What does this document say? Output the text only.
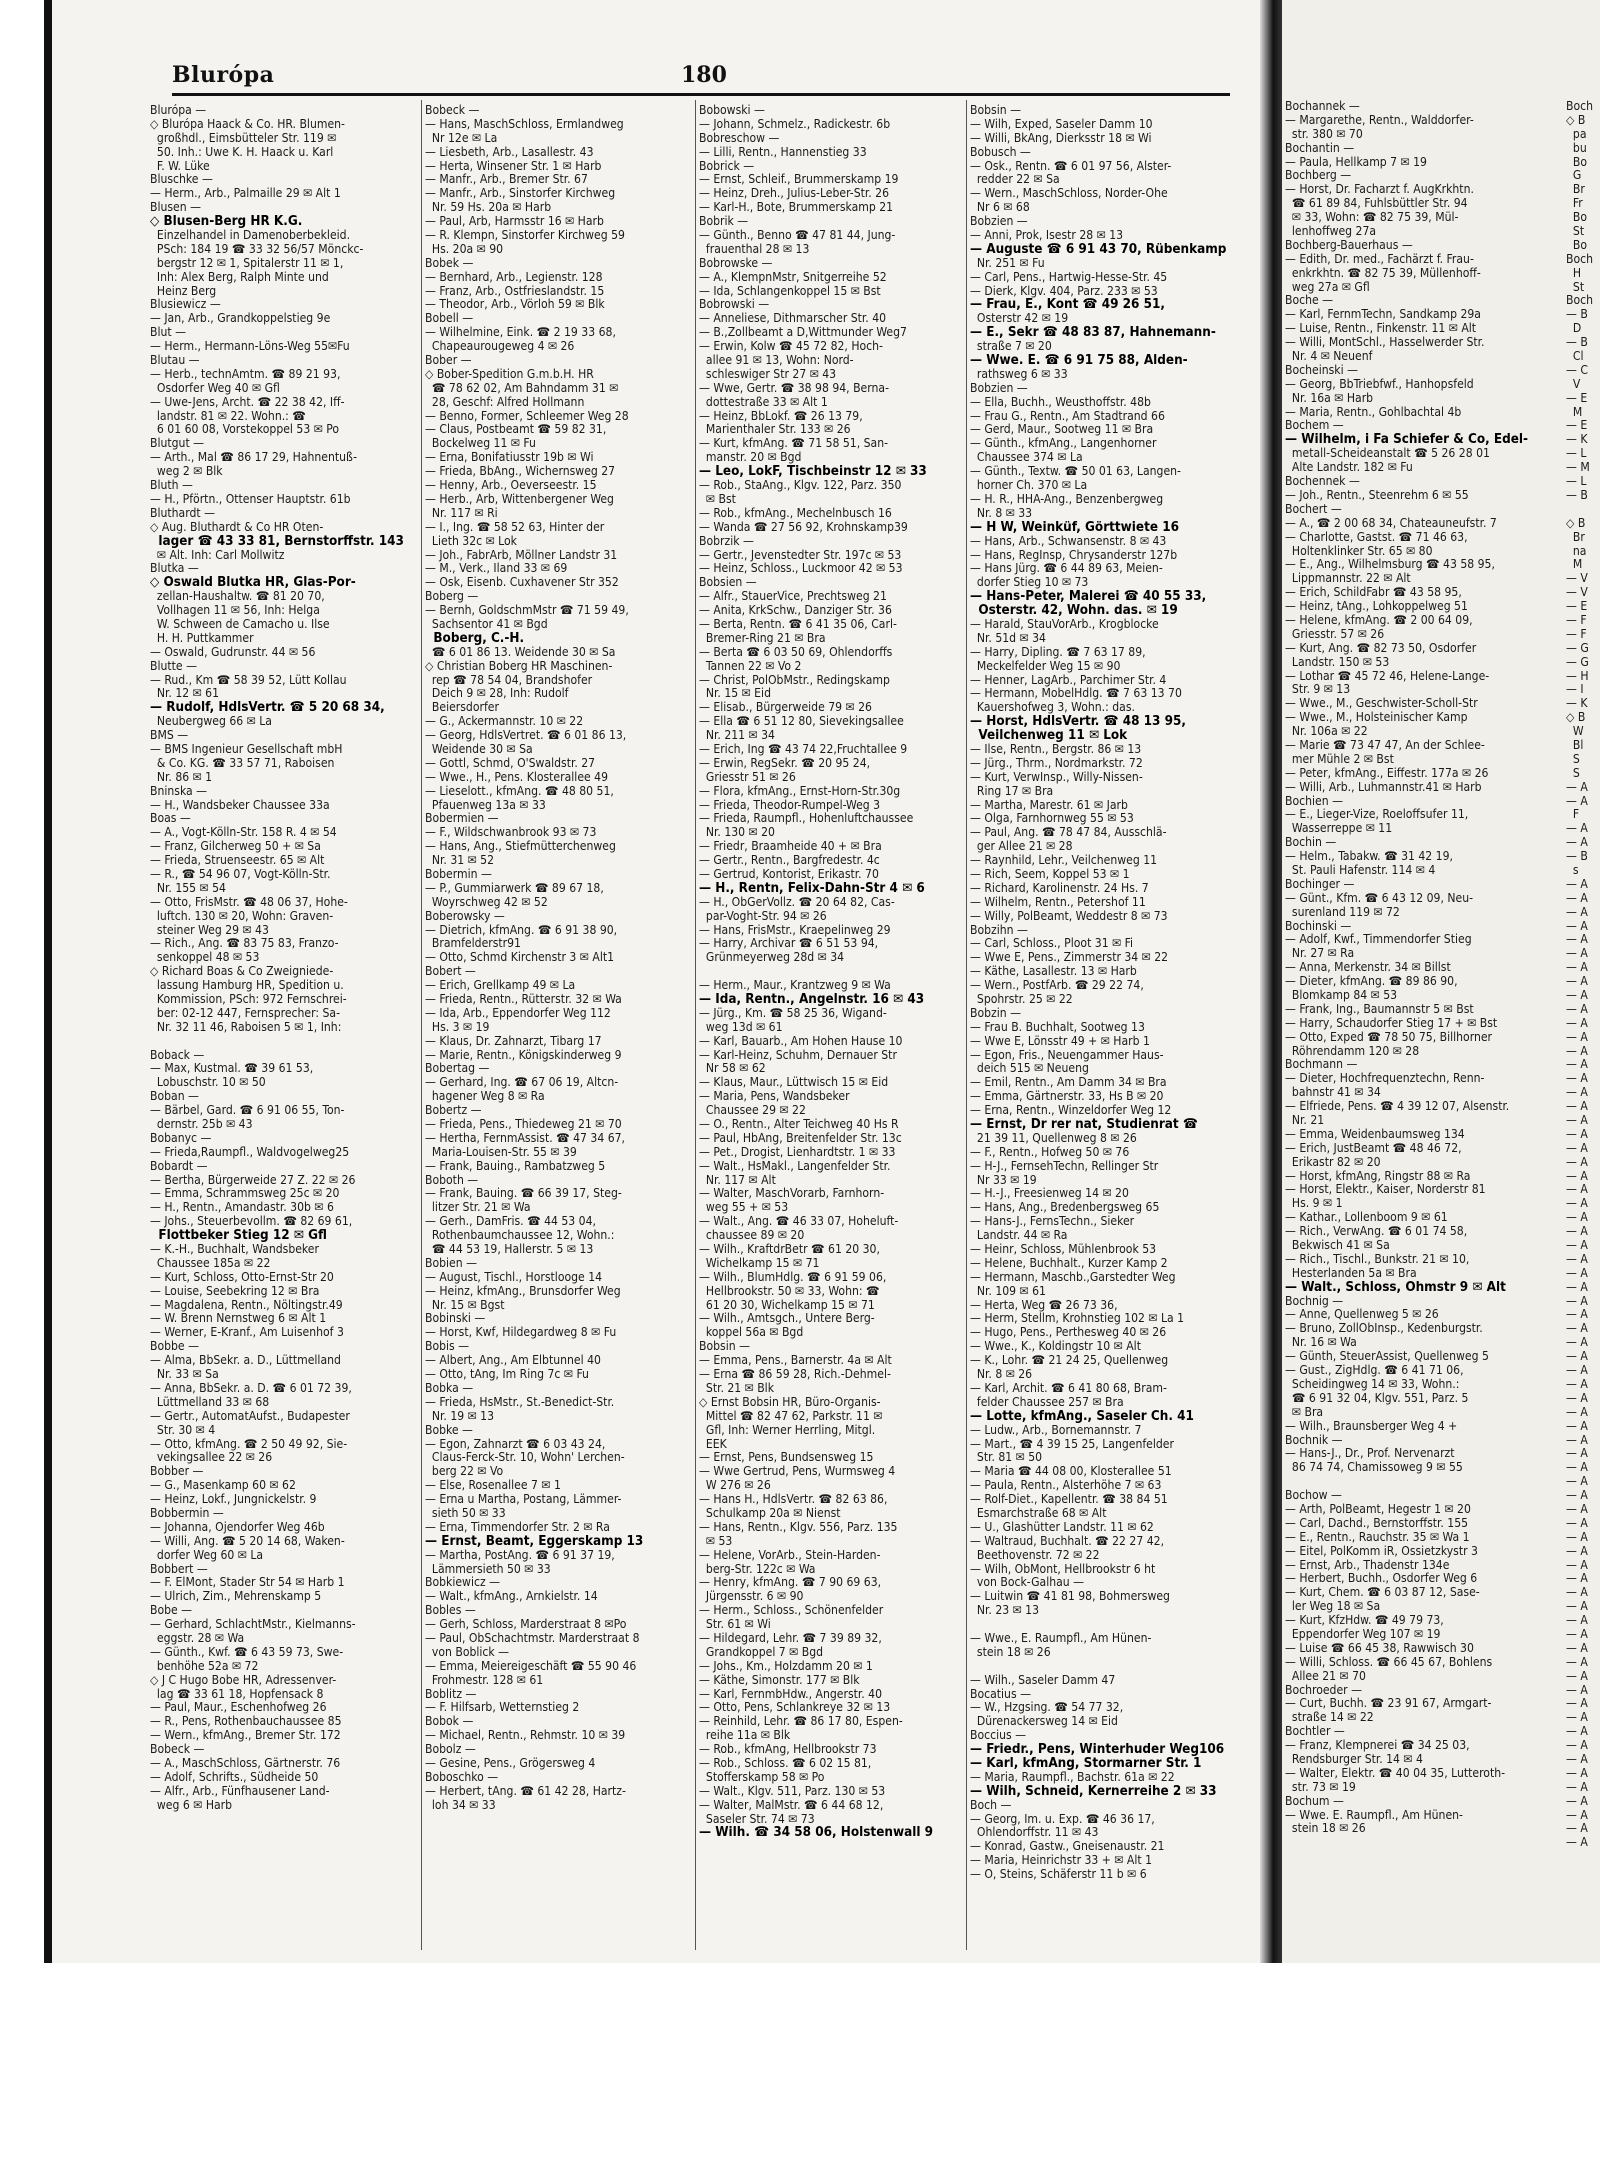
Blurópa	180
Blurópa —
◇ Blurópa Haack & Co. HR. Blumen-
großhdl., Eimsbütteler Str. 119 ✉
50. Inh.: Uwe K. H. Haack u. Karl
F. W. Lüke
Bluschke —
— Herm., Arb., Palmaille 29 ✉ Alt 1
Blusen —
◇ Blusen-Berg HR K.G.
Einzelhandel in Damenoberbekleid.
PSch: 184 19 ☎ 33 32 56/57 Mönckc-
bergstr 12 ✉ 1, Spitalerstr 11 ✉ 1,
Inh: Alex Berg, Ralph Minte und
Heinz Berg
Blusiewicz —
— Jan, Arb., Grandkoppelstieg 9e
Blut —
— Herm., Hermann-Löns-Weg 55✉Fu
Blutau —
— Herb., technAmtm. ☎ 89 21 93,
Osdorfer Weg 40 ✉ Gfl
— Uwe-Jens, Archt. ☎ 22 38 42, Iff-
landstr. 81 ✉ 22. Wohn.: ☎
6 01 60 08, Vorstekoppel 53 ✉ Po
Blutgut —
— Arth., Mal ☎ 86 17 29, Hahnentuß-
weg 2 ✉ Blk
Bluth —
— H., Pförtn., Ottenser Hauptstr. 61b
Bluthardt —
◇ Aug. Bluthardt & Co HR Oten-
lager ☎ 43 33 81, Bernstorffstr. 143
✉ Alt. Inh: Carl Mollwitz
Blutka —
◇ Oswald Blutka HR, Glas-Por-
zellan-Haushaltw. ☎ 81 20 70,
Vollhagen 11 ✉ 56, Inh: Helga
W. Schween de Camacho u. Ilse
H. H. Puttkammer
— Oswald, Gudrunstr. 44 ✉ 56
Blutte —
— Rud., Km ☎ 58 39 52, Lütt Kollau
Nr. 12 ✉ 61
— Rudolf, HdlsVertr. ☎ 5 20 68 34,
Neubergweg 66 ✉ La
BMS —
— BMS Ingenieur Gesellschaft mbH
& Co. KG. ☎ 33 57 71, Raboisen
Nr. 86 ✉ 1
Bninska —
— H., Wandsbeker Chaussee 33a
Boas —
— A., Vogt-Kölln-Str. 158 R. 4 ✉ 54
— Franz, Gilcherweg 50 + ✉ Sa
— Frieda, Struenseestr. 65 ✉ Alt
— R., ☎ 54 96 07, Vogt-Kölln-Str.
Nr. 155 ✉ 54
— Otto, FrisMstr. ☎ 48 06 37, Hohe-
luftch. 130 ✉ 20, Wohn: Graven-
steiner Weg 29 ✉ 43
— Rich., Ang. ☎ 83 75 83, Franzo-
senkoppel 48 ✉ 53
◇ Richard Boas & Co Zweigniede-
lassung Hamburg HR, Spedition u.
Kommission, PSch: 972 Fernschrei-
ber: 02-12 447, Fernsprecher: Sa-
Nr. 32 11 46, Raboisen 5 ✉ 1, Inh:
Boback —
— Max, Kustmal. ☎ 39 61 53,
Lobuschstr. 10 ✉ 50
Boban —
— Bärbel, Gard. ☎ 6 91 06 55, Ton-
dernstr. 25b ✉ 43
Bobanyc —
— Frieda,Raumpfl., Waldvogelweg25
Bobardt —
— Bertha, Bürgerweide 27 Z. 22 ✉ 26
— Emma, Schrammsweg 25c ✉ 20
— H., Rentn., Amandastr. 30b ✉ 6
— Johs., Steuerbevollm. ☎ 82 69 61,
Flottbeker Stieg 12 ✉ Gfl
— K.-H., Buchhalt, Wandsbeker
Chaussee 185a ✉ 22
— Kurt, Schloss, Otto-Ernst-Str 20
— Louise, Seebekring 12 ✉ Bra
— Magdalena, Rentn., Nöltingstr.49
— W. Brenn Nernstweg 6 ✉ Alt 1
— Werner, E-Kranf., Am Luisenhof 3
Bobbe —
— Alma, BbSekr. a. D., Lüttmelland
Nr. 33 ✉ Sa
— Anna, BbSekr. a. D. ☎ 6 01 72 39,
Lüttmelland 33 ✉ 68
— Gertr., AutomatAufst., Budapester
Str. 30 ✉ 4
— Otto, kfmAng. ☎ 2 50 49 92, Sie-
vekingsallee 22 ✉ 26
Bobber —
— G., Masenkamp 60 ✉ 62
— Heinz, Lokf., Jungnickelstr. 9
Bobbermin —
— Johanna, Öjendorfer Weg 46b
— Willi, Ang. ☎ 5 20 14 68, Waken-
dorfer Weg 60 ✉ La
Bobbert —
— F. ElMont, Stader Str 54 ✉ Harb 1
— Ulrich, Zim., Mehrenskamp 5
Bobe —
— Gerhard, SchlachtMstr., Kielmanns-
eggstr. 28 ✉ Wa
— Günth., Kwf. ☎ 6 43 59 73, Swe-
benhöhe 52a ✉ 72
◇ J C Hugo Bobe HR, Adressenver-
lag ☎ 33 61 18, Hopfensack 8
— Paul, Maur., Eschenhofweg 26
— R., Pens, Rothenbauchaussee 85
— Wern., kfmAng., Bremer Str. 172
Bobeck —
— A., MaschSchloss, Gärtnerstr. 76
— Adolf, Schrifts., Südheide 50
— Alfr., Arb., Fünfhausener Land-
weg 6 ✉ Harb
Bobeck —
— Hans, MaschSchloss, Ermlandweg
Nr 12e ✉ La
— Liesbeth, Arb., Lasallestr. 43
— Herta, Winsener Str. 1 ✉ Harb
— Manfr., Arb., Bremer Str. 67
— Manfr., Arb., Sinstorfer Kirchweg
Nr. 59 Hs. 20a ✉ Harb
— Paul, Arb, Harmsstr 16 ✉ Harb
— R. Klempn, Sinstorfer Kirchweg 59
Hs. 20a ✉ 90
Bobek —
— Bernhard, Arb., Legienstr. 128
— Franz, Arb., Ostfrieslandstr. 15
— Theodor, Arb., Vörloh 59 ✉ Blk
Bobell —
— Wilhelmine, Eink. ☎ 2 19 33 68,
Chapeaurougeweg 4 ✉ 26
Bober —
◇ Bober-Spedition G.m.b.H. HR
☎ 78 62 02, Am Bahndamm 31 ✉
28, Geschf: Alfred Hollmann
— Benno, Former, Schleemer Weg 28
— Claus, Postbeamt ☎ 59 82 31,
Bockelweg 11 ✉ Fu
— Erna, Bonifatiusstr 19b ✉ Wi
— Frieda, BbAng., Wichernsweg 27
— Henny, Arb., Oeverseestr. 15
— Herb., Arb, Wittenbergener Weg
Nr. 117 ✉ Ri
— I., Ing. ☎ 58 52 63, Hinter der
Lieth 32c ✉ Lok
— Joh., FabrArb, Möllner Landstr 31
— M., Verk., Iland 33 ✉ 69
— Osk, Eisenb. Cuxhavener Str 352
Boberg —
— Bernh, GoldschmMstr ☎ 71 59 49,
Sachsentor 41 ✉ Bgd
Boberg, C.-H.
☎ 6 01 86 13. Weidende 30 ✉ Sa
◇ Christian Boberg HR Maschinen-
rep ☎ 78 54 04, Brandshofer
Deich 9 ✉ 28, Inh: Rudolf
Beiersdorfer
— G., Ackermannstr. 10 ✉ 22
— Georg, HdlsVertret. ☎ 6 01 86 13,
Weidende 30 ✉ Sa
— Gottl, Schmd, O'Swaldstr. 27
— Wwe., H., Pens. Klosterallee 49
— Lieselott., kfmAng. ☎ 48 80 51,
Pfauenweg 13a ✉ 33
Bobermien —
— F., Wildschwanbrook 93 ✉ 73
— Hans, Ang., Stiefmütterchenweg
Nr. 31 ✉ 52
Bobermin —
— P., Gummiarwerk ☎ 89 67 18,
Woyrschweg 42 ✉ 52
Boberowsky —
— Dietrich, kfmAng. ☎ 6 91 38 90,
Bramfelderstr91
— Otto, Schmd Kirchenstr 3 ✉ Alt1
Bobert —
— Erich, Grellkamp 49 ✉ La
— Frieda, Rentn., Rütterstr. 32 ✉ Wa
— Ida, Arb., Eppendorfer Weg 112
Hs. 3 ✉ 19
— Klaus, Dr. Zahnarzt, Tibarg 17
— Marie, Rentn., Königskinderweg 9
Bobertag —
— Gerhard, Ing. ☎ 67 06 19, Altcn-
hagener Weg 8 ✉ Ra
Bobertz —
— Frieda, Pens., Thiedeweg 21 ✉ 70
— Hertha, FernmAssist. ☎ 47 34 67,
Maria-Louisen-Str. 55 ✉ 39
— Frank, Bauing., Rambatzweg 5
Boboth —
— Frank, Bauing. ☎ 66 39 17, Steg-
litzer Str. 21 ✉ Wa
— Gerh., DamFris. ☎ 44 53 04,
Rothenbaumchaussee 12, Wohn.:
☎ 44 53 19, Hallerstr. 5 ✉ 13
Bobien —
— August, Tischl., Horstlooge 14
— Heinz, kfmAng., Brunsdorfer Weg
Nr. 15 ✉ Bgst
Bobinski —
— Horst, Kwf, Hildegardweg 8 ✉ Fu
Bobis —
— Albert, Ang., Am Elbtunnel 40
— Otto, tAng, Im Ring 7c ✉ Fu
Bobka —
— Frieda, HsMstr., St.-Benedict-Str.
Nr. 19 ✉ 13
Bobke —
— Egon, Zahnarzt ☎ 6 03 43 24,
Claus-Ferck-Str. 10, Wohn' Lerchen-
berg 22 ✉ Vo
— Else, Rosenallee 7 ✉ 1
— Erna u Martha, Postang, Lämmer-
sieth 50 ✉ 33
— Erna, Timmendorfer Str. 2 ✉ Ra
— Ernst, Beamt, Eggerskamp 13
— Martha, PostAng. ☎ 6 91 37 19,
Lämmersieth 50 ✉ 33
Bobkiewicz —
— Walt., kfmAng., Arnkielstr. 14
Bobles —
— Gerh, Schloss, Marderstraat 8 ✉Po
— Paul, ObSchachtmstr. Marderstraat 8
von Boblick —
— Emma, Meiereigeschäft ☎ 55 90 46
Frohmestr. 128 ✉ 61
Boblitz —
— F. Hilfsarb, Wetternstieg 2
Bobok —
— Michael, Rentn., Rehmstr. 10 ✉ 39
Bobolz —
— Gesine, Pens., Grögersweg 4
Boboschko —
— Herbert, tAng. ☎ 61 42 28, Hartz-
loh 34 ✉ 33
Bobowski —
— Johann, Schmelz., Radickestr. 6b
Bobreschow —
— Lilli, Rentn., Hannenstieg 33
Bobrick —
— Ernst, Schleif., Brummerskamp 19
— Heinz, Dreh., Julius-Leber-Str. 26
— Karl-H., Bote, Brummerskamp 21
Bobrik —
— Günth., Benno ☎ 47 81 44, Jung-
frauenthal 28 ✉ 13
Bobrowske —
— A., KlempnMstr, Snitgerreihe 52
— Ida, Schlangenkoppel 15 ✉ Bst
Bobrowski —
— Anneliese, Dithmarscher Str. 40
— B.,Zollbeamt a D,Wittmunder Weg7
— Erwin, Kolw ☎ 45 72 82, Hoch-
allee 91 ✉ 13, Wohn: Nord-
schleswiger Str 27 ✉ 43
— Wwe, Gertr. ☎ 38 98 94, Berna-
dottestraße 33 ✉ Alt 1
— Heinz, BbLokf. ☎ 26 13 79,
Marienthaler Str. 133 ✉ 26
— Kurt, kfmAng. ☎ 71 58 51, San-
manstr. 20 ✉ Bgd
— Leo, LokF, Tischbeinstr 12 ✉ 33
— Rob., StaAng., Klgv. 122, Parz. 350
✉ Bst
— Rob., kfmAng., Mechelnbusch 16
— Wanda ☎ 27 56 92, Krohnskamp39
Bobrzik —
— Gertr., Jevenstedter Str. 197c ✉ 53
— Heinz, Schloss., Luckmoor 42 ✉ 53
Bobsien —
— Alfr., StauerVice, Prechtsweg 21
— Anita, KrkSchw., Danziger Str. 36
— Berta, Rentn. ☎ 6 41 35 06, Carl-
Bremer-Ring 21 ✉ Bra
— Berta ☎ 6 03 50 69, Ohlendorffs
Tannen 22 ✉ Vo 2
— Christ, PolObMstr., Redingskamp
Nr. 15 ✉ Eid
— Elisab., Bürgerweide 79 ✉ 26
— Ella ☎ 6 51 12 80, Sievekingsallee
Nr. 211 ✉ 34
— Erich, Ing ☎ 43 74 22,Fruchtallee 9
— Erwin, RegSekr. ☎ 20 95 24,
Griesstr 51 ✉ 26
— Flora, kfmAng., Ernst-Horn-Str.30g
— Frieda, Theodor-Rumpel-Weg 3
— Frieda, Raumpfl., Hohenluftchaussee
Nr. 130 ✉ 20
— Friedr, Braamheide 40 + ✉ Bra
— Gertr., Rentn., Bargfredestr. 4c
— Gertrud, Kontorist, Erikastr. 70
— H., Rentn, Felix-Dahn-Str 4 ✉ 6
— H., ObGerVollz. ☎ 20 64 82, Cas-
par-Voght-Str. 94 ✉ 26
— Hans, FrisMstr., Kraepelinweg 29
— Harry, Archivar ☎ 6 51 53 94,
Grünmeyerweg 28d ✉ 34
— Herm., Maur., Krantzweg 9 ✉ Wa
— Ida, Rentn., Angelnstr. 16 ✉ 43
— Jürg., Km. ☎ 58 25 36, Wigand-
weg 13d ✉ 61
— Karl, Bauarb., Am Hohen Hause 10
— Karl-Heinz, Schuhm, Dernauer Str
Nr 58 ✉ 62
— Klaus, Maur., Lüttwisch 15 ✉ Eid
— Maria, Pens, Wandsbeker
Chaussee 29 ✉ 22
— O., Rentn., Alter Teichweg 40 Hs R
— Paul, HbAng, Breitenfelder Str. 13c
— Pet., Drogist, Lienhardtstr. 1 ✉ 33
— Walt., HsMakl., Langenfelder Str.
Nr. 117 ✉ Alt
— Walter, MaschVorarb, Farnhorn-
weg 55 + ✉ 53
— Walt., Ang. ☎ 46 33 07, Hoheluft-
chaussee 89 ✉ 20
— Wilh., KraftdrBetr ☎ 61 20 30,
Wichelkamp 15 ✉ 71
— Wilh., BlumHdlg. ☎ 6 91 59 06,
Hellbrookstr. 50 ✉ 33, Wohn: ☎
61 20 30, Wichelkamp 15 ✉ 71
— Wilh., Amtsgch., Untere Berg-
koppel 56a ✉ Bgd
Bobsin —
— Emma, Pens., Barnerstr. 4a ✉ Alt
— Erna ☎ 86 59 28, Rich.-Dehmel-
Str. 21 ✉ Blk
◇ Ernst Bobsin HR, Büro-Organis-
Mittel ☎ 82 47 62, Parkstr. 11 ✉
Gfl, Inh: Werner Herrling, Mitgl.
EEK
— Ernst, Pens, Bundsensweg 15
— Wwe Gertrud, Pens, Wurmsweg 4
W 276 ✉ 26
— Hans H., HdlsVertr. ☎ 82 63 86,
Schulkamp 20a ✉ Nienst
— Hans, Rentn., Klgv. 556, Parz. 135
✉ 53
— Helene, VorArb., Stein-Harden-
berg-Str. 122c ✉ Wa
— Henry, kfmAng. ☎ 7 90 69 63,
Jürgensstr. 6 ✉ 90
— Herm., Schloss., Schönenfelder
Str. 61 ✉ Wi
— Hildegard, Lehr. ☎ 7 39 89 32,
Grandkoppel 7 ✉ Bgd
— Johs., Km., Holzdamm 20 ✉ 1
— Käthe, Simonstr. 177 ✉ Blk
— Karl, FernmbHdw., Angerstr. 40
— Otto, Pens, Schlankreye 32 ✉ 13
— Reinhild, Lehr. ☎ 86 17 80, Espen-
reihe 11a ✉ Blk
— Rob., kfmAng, Hellbrookstr 73
— Rob., Schloss. ☎ 6 02 15 81,
Stofferskamp 58 ✉ Po
— Walt., Klgv. 511, Parz. 130 ✉ 53
— Walter, MalMstr. ☎ 6 44 68 12,
Saseler Str. 74 ✉ 73
— Wilh. ☎ 34 58 06, Holstenwall 9
Bobsin —
— Wilh, Exped, Saseler Damm 10
— Willi, BkAng, Dierksstr 18 ✉ Wi
Bobusch —
— Osk., Rentn. ☎ 6 01 97 56, Alster-
redder 22 ✉ Sa
— Wern., MaschSchloss, Norder-Ohe
Nr 6 ✉ 68
Bobzien —
— Anni, Prok, Isestr 28 ✉ 13
— Auguste ☎ 6 91 43 70, Rübenkamp
Nr. 251 ✉ Fu
— Carl, Pens., Hartwig-Hesse-Str. 45
— Dierk, Klgv. 404, Parz. 233 ✉ 53
— Frau, E., Kont ☎ 49 26 51,
Osterstr 42 ✉ 19
— E., Sekr ☎ 48 83 87, Hahnemann-
straße 7 ✉ 20
— Wwe. E. ☎ 6 91 75 88, Alden-
rathsweg 6 ✉ 33
Bobzien —
— Ella, Buchh., Weusthoffstr. 48b
— Frau G., Rentn., Am Stadtrand 66
— Gerd, Maur., Sootweg 11 ✉ Bra
— Günth., kfmAng., Langenhorner
Chaussee 374 ✉ La
— Günth., Textw. ☎ 50 01 63, Langen-
horner Ch. 370 ✉ La
— H. R., HHA-Ang., Benzenbergweg
Nr. 8 ✉ 33
— H W, Weinküf, Görttwiete 16
— Hans, Arb., Schwansenstr. 8 ✉ 43
— Hans, RegInsp, Chrysanderstr 127b
— Hans Jürg. ☎ 6 44 89 63, Meien-
dorfer Stieg 10 ✉ 73
— Hans-Peter, Malerei ☎ 40 55 33,
Osterstr. 42, Wohn. das. ✉ 19
— Harald, StauVorArb., Krogblocke
Nr. 51d ✉ 34
— Harry, Dipling. ☎ 7 63 17 89,
Meckelfelder Weg 15 ✉ 90
— Henner, LagArb., Parchimer Str. 4
— Hermann, MobelHdlg. ☎ 7 63 13 70
Kauershofweg 3, Wohn.: das.
— Horst, HdlsVertr. ☎ 48 13 95,
Veilchenweg 11 ✉ Lok
— Ilse, Rentn., Bergstr. 86 ✉ 13
— Jürg., Thrm., Nordmarkstr. 72
— Kurt, VerwInsp., Willy-Nissen-
Ring 17 ✉ Bra
— Martha, Marestr. 61 ✉ Jarb
— Olga, Farnhornweg 55 ✉ 53
— Paul, Ang. ☎ 78 47 84, Ausschlä-
ger Allee 21 ✉ 28
— Raynhild, Lehr., Veilchenweg 11
— Rich, Seem, Koppel 53 ✉ 1
— Richard, Karolinenstr. 24 Hs. 7
— Wilhelm, Rentn., Petershof 11
— Willy, PolBeamt, Weddestr 8 ✉ 73
Bobzihn —
— Carl, Schloss., Ploot 31 ✉ Fi
— Wwe E, Pens., Zimmerstr 34 ✉ 22
— Käthe, Lasallestr. 13 ✉ Harb
— Wern., PostfArb. ☎ 29 22 74,
Spohrstr. 25 ✉ 22
Bobzin —
— Frau B. Buchhalt, Sootweg 13
— Wwe E, Lönsstr 49 + ✉ Harb 1
— Egon, Fris., Neuengammer Haus-
deich 515 ✉ Neueng
— Emil, Rentn., Am Damm 34 ✉ Bra
— Emma, Gärtnerstr. 33, Hs B ✉ 20
— Erna, Rentn., Winzeldorfer Weg 12
— Ernst, Dr rer nat, Studienrat ☎
21 39 11, Quellenweg 8 ✉ 26
— F., Rentn., Hofweg 50 ✉ 76
— H-J., FernsehTechn, Rellinger Str
Nr 33 ✉ 19
— H.-J., Freesienweg 14 ✉ 20
— Hans, Ang., Bredenbergsweg 65
— Hans-J., FernsTechn., Sieker
Landstr. 44 ✉ Ra
— Heinr, Schloss, Mühlenbrook 53
— Helene, Buchhalt., Kurzer Kamp 2
— Hermann, Maschb.,Garstedter Weg
Nr. 109 ✉ 61
— Herta, Weg ☎ 26 73 36,
— Herm, Stellm, Krohnstieg 102 ✉ La 1
— Hugo, Pens., Perthesweg 40 ✉ 26
— Wwe., K., Koldingstr 10 ✉ Alt
— K., Lohr. ☎ 21 24 25, Quellenweg
Nr. 8 ✉ 26
— Karl, Archit. ☎ 6 41 80 68, Bram-
felder Chaussee 257 ✉ Bra
— Lotte, kfmAng., Saseler Ch. 41
— Ludw., Arb., Bornemannstr. 7
— Mart., ☎ 4 39 15 25, Langenfelder
Str. 81 ✉ 50
— Maria ☎ 44 08 00, Klosterallee 51
— Paula, Rentn., Alsterhöhe 7 ✉ 63
— Rolf-Diet., Kapellentr. ☎ 38 84 51
Esmarchstraße 68 ✉ Alt
— U., Glashütter Landstr. 11 ✉ 62
— Waltraud, Buchhalt. ☎ 22 27 42,
Beethovenstr. 72 ✉ 22
— Wilh, ObMont, Hellbrookstr 6 ht
von Bock-Galhau —
— Luitwin ☎ 41 81 98, Bohmersweg
Nr. 23 ✉ 13
— Wwe., E. Raumpfl., Am Hünen-
stein 18 ✉ 26
— Wilh., Saseler Damm 47
Bocatius —
— W., Hzgsing. ☎ 54 77 32,
Dürenackersweg 14 ✉ Eid
Boccius —
— Friedr., Pens, Winterhuder Weg106
— Karl, kfmAng, Stormarner Str. 1
— Maria, Raumpfl., Bachstr. 61a ✉ 22
— Wilh, Schneid, Kernerreihe 2 ✉ 33
Boch —
— Georg, Im. u. Exp. ☎ 46 36 17,
Ohlendorffstr. 11 ✉ 43
— Konrad, Gastw., Gneisenaustr. 21
— Maria, Heinrichstr 33 + ✉ Alt 1
— O, Steins, Schäferstr 11 b ✉ 6
Bochannek —
— Margarethe, Rentn., Walddorfer-
str. 380 ✉ 70
Bochantin —
— Paula, Hellkamp 7 ✉ 19
Bochberg —
— Horst, Dr. Facharzt f. AugKrkhtn.
☎ 61 89 84, Fuhlsbüttler Str. 94
✉ 33, Wohn: ☎ 82 75 39, Mül-
lenhoffweg 27a
Bochberg-Bauerhaus —
— Edith, Dr. med., Fachärzt f. Frau-
enkrkhtn. ☎ 82 75 39, Müllenhoff-
weg 27a ✉ Gfl
Boche —
— Karl, FernmTechn, Sandkamp 29a
— Luise, Rentn., Finkenstr. 11 ✉ Alt
— Willi, MontSchl., Hasselwerder Str.
Nr. 4 ✉ Neuenf
Bocheinski —
— Georg, BbTriebfwf., Hanhopsfeld
Nr. 16a ✉ Harb
— Maria, Rentn., Gohlbachtal 4b
Bochem —
— Wilhelm, i Fa Schiefer & Co, Edel-
metall-Scheideanstalt ☎ 5 26 28 01
Alte Landstr. 182 ✉ Fu
Bochennek —
— Joh., Rentn., Steenrehm 6 ✉ 55
Bochert —
— A., ☎ 2 00 68 34, Chateauneufstr. 7
— Charlotte, Gastst. ☎ 71 46 63,
Holtenklinker Str. 65 ✉ 80
— E., Ang., Wilhelmsburg ☎ 43 58 95,
Lippmannstr. 22 ✉ Alt
— Erich, SchildFabr ☎ 43 58 95,
— Heinz, tAng., Lohkoppelweg 51
— Helene, kfmAng. ☎ 2 00 64 09,
Griesstr. 57 ✉ 26
— Kurt, Ang. ☎ 82 73 50, Osdorfer
Landstr. 150 ✉ 53
— Lothar ☎ 45 72 46, Helene-Lange-
Str. 9 ✉ 13
— Wwe., M., Geschwister-Scholl-Str
— Wwe., M., Holsteinischer Kamp
Nr. 106a ✉ 22
— Marie ☎ 73 47 47, An der Schlee-
mer Mühle 2 ✉ Bst
— Peter, kfmAng., Eiffestr. 177a ✉ 26
— Willi, Arb., Luhmannstr.41 ✉ Harb
Bochien —
— E., Lieger-Vize, Roeloffsufer 11,
Wasserreppe ✉ 11
Bochin —
— Helm., Tabakw. ☎ 31 42 19,
St. Pauli Hafenstr. 114 ✉ 4
Bochinger —
— Günt., Kfm. ☎ 6 43 12 09, Neu-
surenland 119 ✉ 72
Bochinski —
— Adolf, Kwf., Timmendorfer Stieg
Nr. 27 ✉ Ra
— Anna, Merkenstr. 34 ✉ Billst
— Dieter, kfmAng. ☎ 89 86 90,
Blomkamp 84 ✉ 53
— Frank, Ing., Baumannstr 5 ✉ Bst
— Harry, Schaudorfer Stieg 17 + ✉ Bst
— Otto, Exped ☎ 78 50 75, Billhorner
Röhrendamm 120 ✉ 28
Bochmann —
— Dieter, Hochfrequenztechn, Renn-
bahnstr 41 ✉ 34
— Elfriede, Pens. ☎ 4 39 12 07, Alsenstr.
Nr. 21
— Emma, Weidenbaumsweg 134
— Erich, JustBeamt ☎ 48 46 72,
Erikastr 82 ✉ 20
— Horst, kfmAng, Ringstr 88 ✉ Ra
— Horst, Elektr., Kaiser, Norderstr 81
Hs. 9 ✉ 1
— Kathar., Lollenboom 9 ✉ 61
— Rich., VerwAng. ☎ 6 01 74 58,
Bekwisch 41 ✉ Sa
— Rich., Tischl., Bunkstr. 21 ✉ 10,
Hesterlanden 5a ✉ Bra
— Walt., Schloss, Ohmstr 9 ✉ Alt
Bochnig —
— Anne, Quellenweg 5 ✉ 26
— Bruno, ZollObInsp., Kedenburgstr.
Nr. 16 ✉ Wa
— Günth, SteuerAssist, Quellenweg 5
— Gust., ZigHdlg. ☎ 6 41 71 06,
Scheidingweg 14 ✉ 33, Wohn.:
☎ 6 91 32 04, Klgv. 551, Parz. 5
✉ Bra
— Wilh., Braunsberger Weg 4 +
Bochnik —
— Hans-J., Dr., Prof. Nervenarzt
86 74 74, Chamissoweg 9 ✉ 55
Bochow —
— Arth, PolBeamt, Hegestr 1 ✉ 20
— Carl, Dachd., Bernstorffstr. 155
— E., Rentn., Rauchstr. 35 ✉ Wa 1
— Eitel, PolKomm iR, Ossietzkystr 3
— Ernst, Arb., Thadenstr 134e
— Herbert, Buchh., Osdorfer Weg 6
— Kurt, Chem. ☎ 6 03 87 12, Sase-
ler Weg 18 ✉ Sa
— Kurt, KfzHdw. ☎ 49 79 73,
Eppendorfer Weg 107 ✉ 19
— Luise ☎ 66 45 38, Rawwisch 30
— Willi, Schloss. ☎ 66 45 67, Bohlens
Allee 21 ✉ 70
Bochroeder —
— Curt, Buchh. ☎ 23 91 67, Armgart-
straße 14 ✉ 22
Bochtler —
— Franz, Klempnerei ☎ 34 25 03,
Rendsburger Str. 14 ✉ 4
— Walter, Elektr. ☎ 40 04 35, Lutteroth-
str. 73 ✉ 19
Bochum —
— Wwe. E. Raumpfl., Am Hünen-
stein 18 ✉ 26
Boch
◇ B
pa
bu
Bo
G
Br
Fr
Bo
St
Bo
Boch
H
St
Boch
— B
D
— B
Cl
— C
V
— E
M
— E
— K
— L
— M
— L
— B
◇ B
Br
na
M
— V
— V
— E
— F
— F
— G
— G
— H
— I
— K
◇ B
W
Bl
S
S
— A
— A
F
— A
— A
— B
s
— A
— A
— A
— A
— A
— A
— A
— A
— A
— A
— A
— A
— A
— A
— A
— A
— A
— A
— A
— A
— A
— A
— A
— A
— A
— A
— A
— A
— A
— A
— A
— A
— A
— A
— A
— A
— A
— A
— A
— A
— A
— A
— A
— A
— A
— A
— A
— A
— A
— A
— A
— A
— A
— A
— A
— A
— A
— A
— A
— A
— A
— A
— A
— A
— A
— A
— A
— A
— A
— A
